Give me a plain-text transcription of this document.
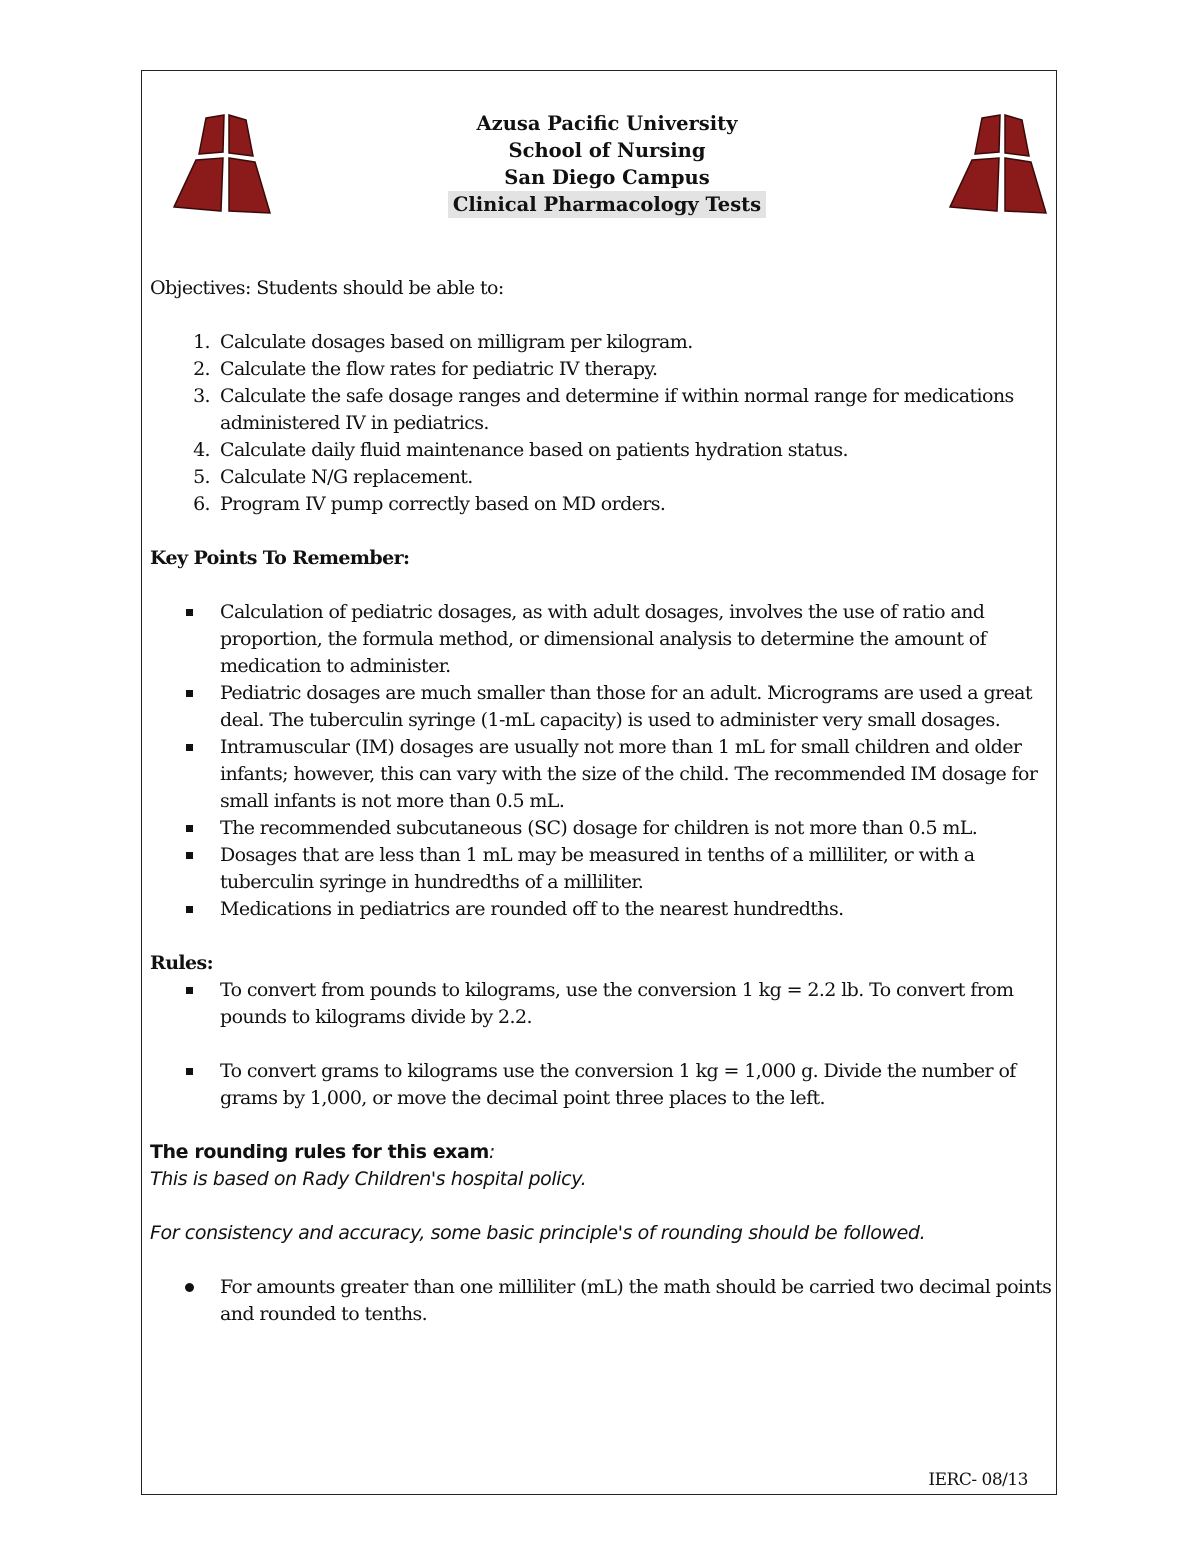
Azusa Pacific University
School of Nursing
San Diego Campus
Clinical Pharmacology Tests

Objectives: Students should be able to:

1. Calculate dosages based on milligram per kilogram.
2. Calculate the flow rates for pediatric IV therapy.
3. Calculate the safe dosage ranges and determine if within normal range for medications administered IV in pediatrics.
4. Calculate daily fluid maintenance based on patients hydration status.
5. Calculate N/G replacement.
6. Program IV pump correctly based on MD orders.

Key Points To Remember:

Calculation of pediatric dosages, as with adult dosages, involves the use of ratio and proportion, the formula method, or dimensional analysis to determine the amount of medication to administer.
Pediatric dosages are much smaller than those for an adult. Micrograms are used a great deal. The tuberculin syringe (1-mL capacity) is used to administer very small dosages.
Intramuscular (IM) dosages are usually not more than 1 mL for small children and older infants; however, this can vary with the size of the child. The recommended IM dosage for small infants is not more than 0.5 mL.
The recommended subcutaneous (SC) dosage for children is not more than 0.5 mL.
Dosages that are less than 1 mL may be measured in tenths of a milliliter, or with a tuberculin syringe in hundredths of a milliliter.
Medications in pediatrics are rounded off to the nearest hundredths.

Rules:

To convert from pounds to kilograms, use the conversion 1 kg = 2.2 lb. To convert from pounds to kilograms divide by 2.2.
To convert grams to kilograms use the conversion 1 kg = 1,000 g. Divide the number of grams by 1,000, or move the decimal point three places to the left.

The rounding rules for this exam:

This is based on Rady Children's hospital policy.

For consistency and accuracy, some basic principle's of rounding should be followed.

For amounts greater than one milliliter (mL) the math should be carried two decimal points and rounded to tenths.
IERC- 08/13
